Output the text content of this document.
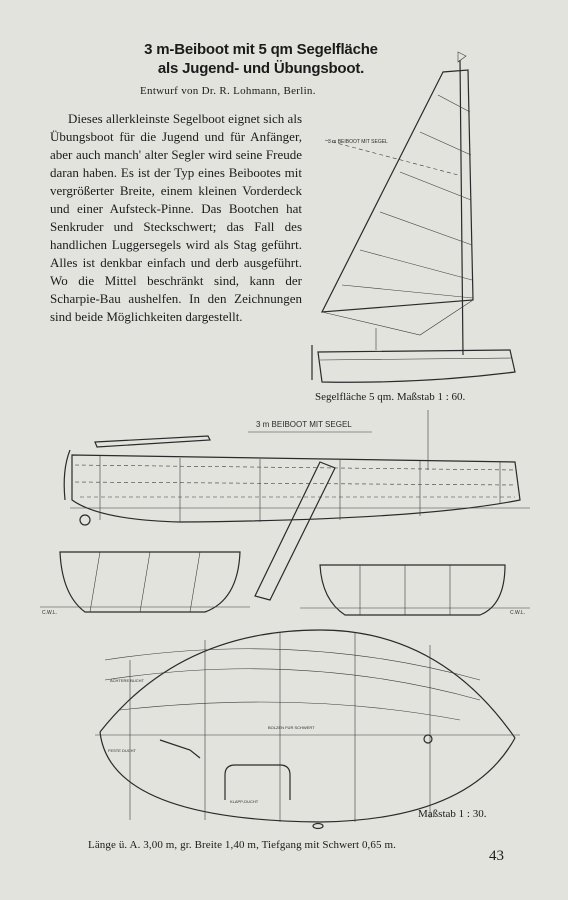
3 m-Beiboot mit 5 qm Segelfläche
als Jugend- und Übungsboot.
Entwurf von Dr. R. Lohmann, Berlin.

Dieses allerkleinste Segelboot eignet sich als Übungsboot für die Jugend und für Anfänger, aber auch manch' alter Segler wird seine Freude daran haben. Es ist der Typ eines Beibootes mit vergrößerter Breite, einem kleinen Vorderdeck und einer Aufsteck-Pinne. Das Bootchen hat Senkruder und Steckschwert; das Fall des handlichen Luggersegels wird als Stag geführt. Alles ist denkbar einfach und derb ausgeführt. Wo die Mittel beschränkt sind, kann der Scharpie-Bau aushelfen. In den Zeichnungen sind beide Möglichkeiten dargestellt.

3 m BEIBOOT MIT SEGEL
3 m BEIBOOT MIT SEGEL
C.W.L.	C.W.L.
FESTE DUCHT
KLAPP-DUCHT
BOLZEN FÜR SCHWERT
ACHTERE BUCHT
Segelfläche 5 qm. Maßstab 1 : 60.
Maßstab 1 : 30.
Länge ü. A. 3,00 m, gr. Breite 1,40 m, Tiefgang mit Schwert 0,65 m.
43
